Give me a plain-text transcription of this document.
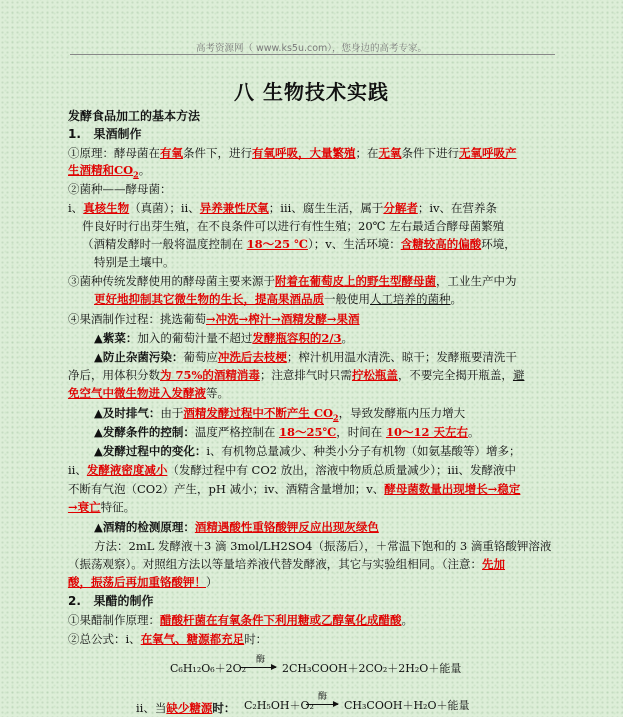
高考资源网（ www.ks5u.com），您身边的高考专家。
八 生物技术实践
发酵食品加工的基本方法
1. 果酒制作
①原理：酵母菌在有氧条件下，进行有氧呼吸，大量繁殖；在无氧条件下进行无氧呼吸产
生酒精和$CO_2$。
②菌种——酵母菌：
ⅰ、真核生物（真菌）；ⅱ、异养兼性厌氧；ⅲ、腐生生活，属于分解者；ⅳ、在营养条
件良好时行出芽生殖，在不良条件可以进行有性生殖；20℃ 左右最适合酵母菌繁殖
（酒精发酵时一般将温度控制在 18～25 ℃）；ⅴ、生活环境：含糖较高的偏酸环境，
特别是土壤中。
③菌种传统发酵使用的酵母菌主要来源于附着在葡萄皮上的野生型酵母菌，工业生产中为
更好地抑制其它微生物的生长，提高果酒品质一般使用人工培养的菌种。
④果酒制作过程：挑选葡萄→冲洗→榨汁→酒精发酵→果酒
▲紫菜：加入的葡萄汁量不超过发酵瓶容积的2/3。
▲防止杂菌污染：葡萄应冲洗后去枝梗；榨汁机用温水清洗、晾干；发酵瓶要清洗干
净后，用体积分数为 75%的酒精消毒；注意排气时只需拧松瓶盖，不要完全揭开瓶盖，避
免空气中微生物进入发酵液等。
▲及时排气：由于酒精发酵过程中不断产生 $CO_2$，导致发酵瓶内压力增大
▲发酵条件的控制：温度严格控制在 18～25℃，时间在 10～12 天左右。
▲发酵过程中的变化：ⅰ、有机物总量减少、种类小分子有机物（如氨基酸等）增多；
ⅱ、发酵液密度减小（发酵过程中有 CO2 放出，溶液中物质总质量减少）；ⅲ、发酵液中
不断有气泡（CO2）产生，pH 减小；ⅳ、酒精含量增加；ⅴ、酵母菌数量出现增长→稳定
→衰亡特征。
▲酒精的检测原理：酒精遇酸性重铬酸钾反应出现灰绿色
方法：2mL 发酵液＋3 滴 3mol/LH2SO4（振荡后），＋常温下饱和的 3 滴重铬酸钾溶液
（振荡观察）。对照组方法以等量培养液代替发酵液，其它与实验组相同。（注意：先加
酸，振荡后再加重铬酸钾！）
2. 果醋的制作
①果醋制作原理：醋酸杆菌在有氧条件下利用糖或乙醇氧化成醋酸。
②总公式：ⅰ、在氧气、糖源都充足时：
C₆H₁₂O₆＋2O₂
酶
2CH₃COOH＋2CO₂＋2H₂O＋能量
ⅱ、当缺少糖源时： C₂H₅OH＋O₂
酶
CH₃COOH＋H₂O＋能量
